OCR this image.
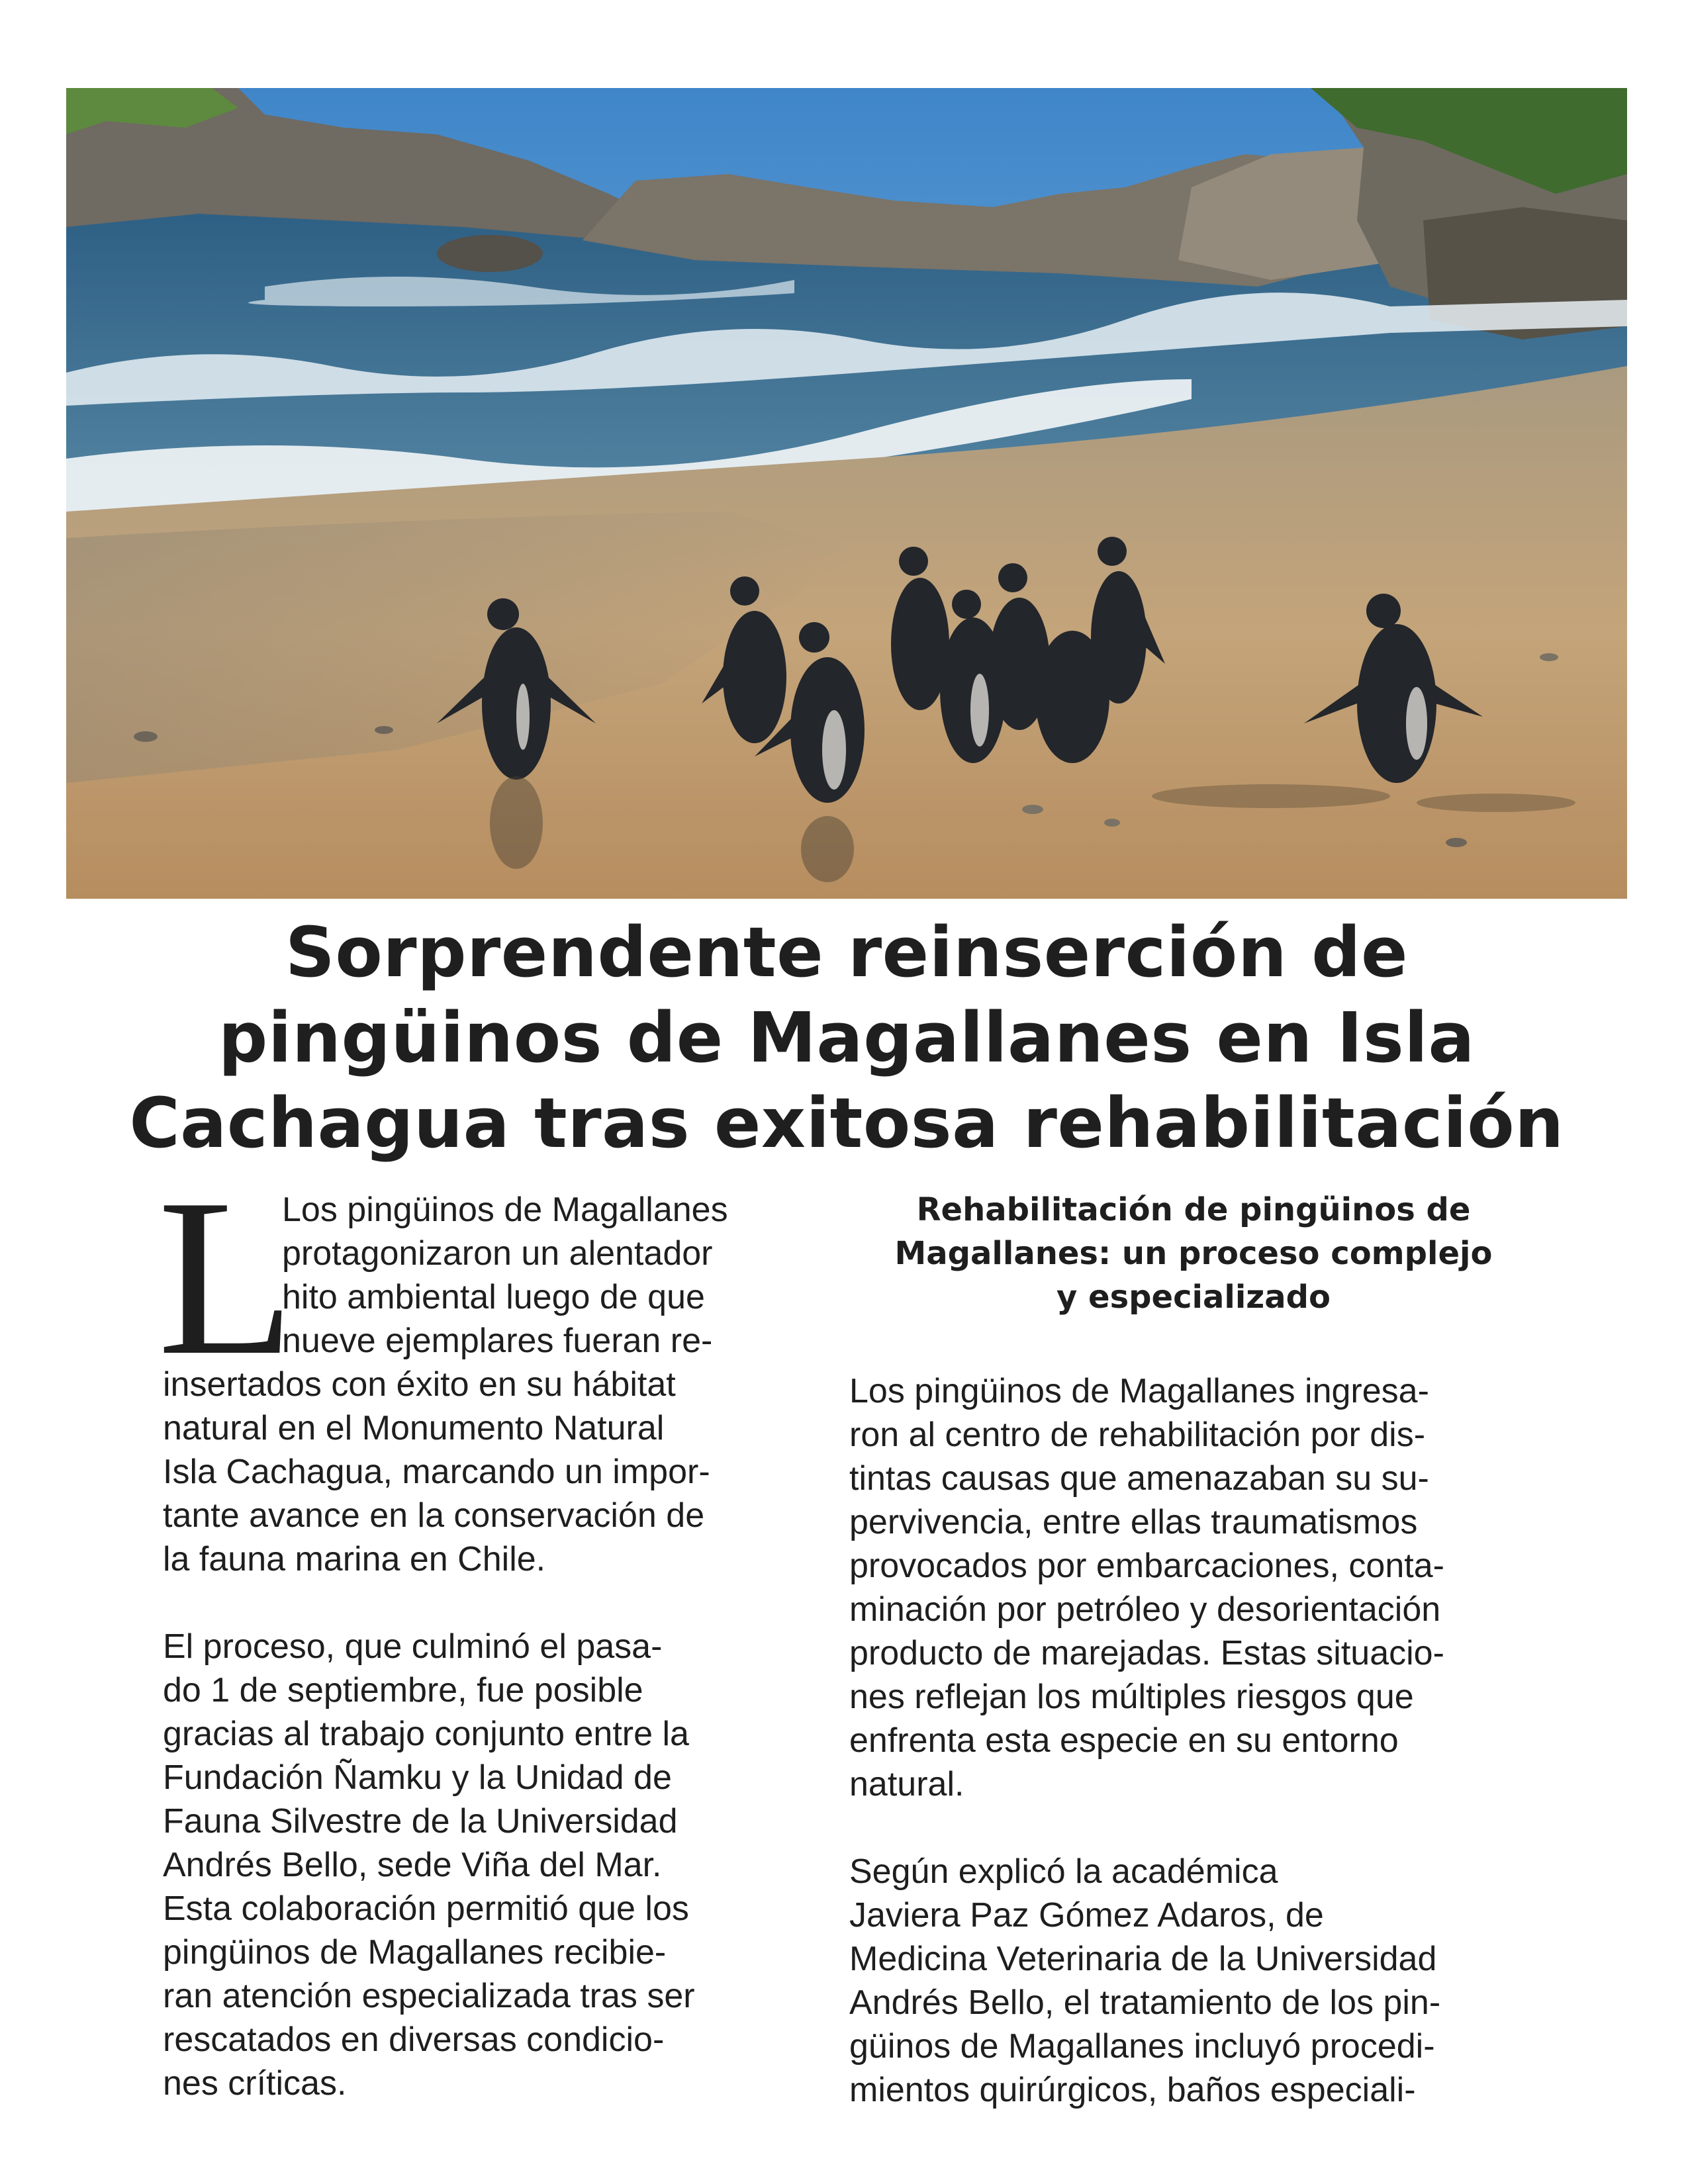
Sorprendente reinserción de
pingüinos de Magallanes en Isla
Cachagua tras exitosa rehabilitación
L

Los pingüinos de Magallanes
protagonizaron un alentador
hito ambiental luego de que
nueve ejemplares fueran re-
insertados con éxito en su hábitat
natural en el Monumento Natural
Isla Cachagua, marcando un impor-
tante avance en la conservación de
la fauna marina en Chile.

El proceso, que culminó el pasa-
do 1 de septiembre, fue posible
gracias al trabajo conjunto entre la
Fundación Ñamku y la Unidad de
Fauna Silvestre de la Universidad
Andrés Bello, sede Viña del Mar.
Esta colaboración permitió que los
pingüinos de Magallanes recibie-
ran atención especializada tras ser
rescatados en diversas condicio-
nes críticas.

Rehabilitación de pingüinos de
Magallanes: un proceso complejo
y especializado

Los pingüinos de Magallanes ingresa-
ron al centro de rehabilitación por dis-
tintas causas que amenazaban su su-
pervivencia, entre ellas traumatismos
provocados por embarcaciones, conta-
minación por petróleo y desorientación
producto de marejadas. Estas situacio-
nes reflejan los múltiples riesgos que
enfrenta esta especie en su entorno
natural.

Según explicó la académica
Javiera Paz Gómez Adaros, de
Medicina Veterinaria de la Universidad
Andrés Bello, el tratamiento de los pin-
güinos de Magallanes incluyó procedi-
mientos quirúrgicos, baños especiali-
